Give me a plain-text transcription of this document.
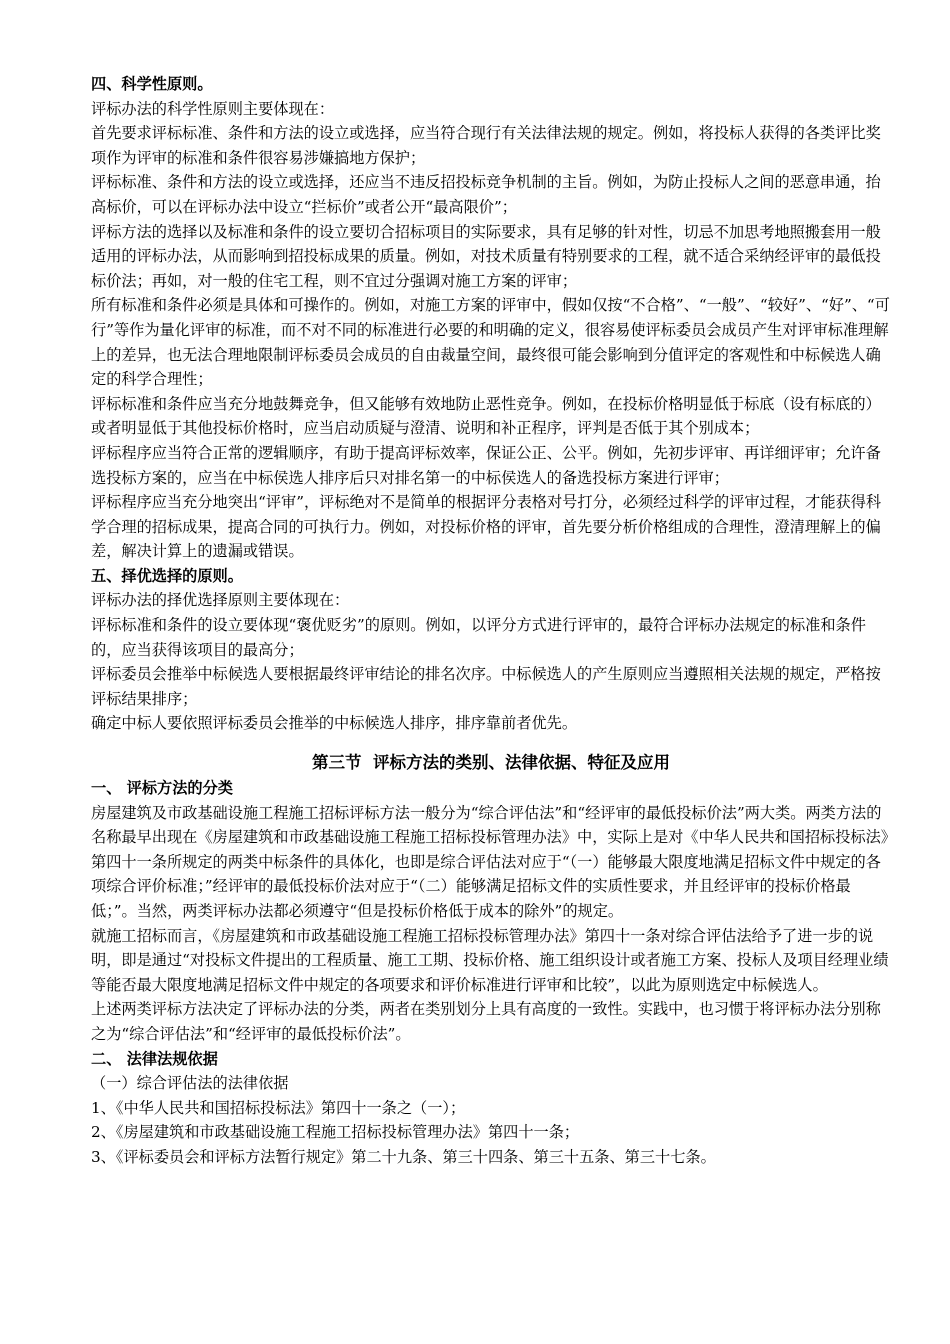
四、科学性原则。

评标办法的科学性原则主要体现在：

首先要求评标标准、条件和方法的设立或选择，应当符合现行有关法律法规的规定。例如，将投标人获得的各类评比奖项作为评审的标准和条件很容易涉嫌搞地方保护；

评标标准、条件和方法的设立或选择，还应当不违反招投标竞争机制的主旨。例如，为防止投标人之间的恶意串通，抬高标价，可以在评标办法中设立“拦标价”或者公开“最高限价”；

评标方法的选择以及标准和条件的设立要切合招标项目的实际要求，具有足够的针对性，切忌不加思考地照搬套用一般适用的评标办法，从而影响到招投标成果的质量。例如，对技术质量有特别要求的工程，就不适合采纳经评审的最低投标价法；再如，对一般的住宅工程，则不宜过分强调对施工方案的评审；

所有标准和条件必须是具体和可操作的。例如，对施工方案的评审中，假如仅按“不合格”、“一般”、“较好”、“好”、“可行”等作为量化评审的标准，而不对不同的标准进行必要的和明确的定义，很容易使评标委员会成员产生对评审标准理解上的差异，也无法合理地限制评标委员会成员的自由裁量空间，最终很可能会影响到分值评定的客观性和中标候选人确定的科学合理性；

评标标准和条件应当充分地鼓舞竞争，但又能够有效地防止恶性竞争。例如，在投标价格明显低于标底（设有标底的）或者明显低于其他投标价格时，应当启动质疑与澄清、说明和补正程序，评判是否低于其个别成本；

评标程序应当符合正常的逻辑顺序，有助于提高评标效率，保证公正、公平。例如，先初步评审、再详细评审；允许备选投标方案的，应当在中标侯选人排序后只对排名第一的中标侯选人的备选投标方案进行评审；

评标程序应当充分地突出“评审”，评标绝对不是简单的根据评分表格对号打分，必须经过科学的评审过程，才能获得科学合理的招标成果，提高合同的可执行力。例如，对投标价格的评审，首先要分析价格组成的合理性，澄清理解上的偏差，解决计算上的遗漏或错误。

五、择优选择的原则。

评标办法的择优选择原则主要体现在：

评标标准和条件的设立要体现“褒优贬劣”的原则。例如，以评分方式进行评审的，最符合评标办法规定的标准和条件的，应当获得该项目的最高分；

评标委员会推举中标候选人要根据最终评审结论的排名次序。中标候选人的产生原则应当遵照相关法规的规定，严格按评标结果排序；

确定中标人要依照评标委员会推举的中标候选人排序，排序靠前者优先。

第三节  评标方法的类别、法律依据、特征及应用

一、 评标方法的分类

房屋建筑及市政基础设施工程施工招标评标方法一般分为“综合评估法”和“经评审的最低投标价法”两大类。两类方法的名称最早出现在《房屋建筑和市政基础设施工程施工招标投标管理办法》中，实际上是对《中华人民共和国招标投标法》第四十一条所规定的两类中标条件的具体化，也即是综合评估法对应于“（一）能够最大限度地满足招标文件中规定的各项综合评价标准；”经评审的最低投标价法对应于“（二）能够满足招标文件的实质性要求，并且经评审的投标价格最低；”。当然，两类评标办法都必须遵守“但是投标价格低于成本的除外”的规定。

就施工招标而言，《房屋建筑和市政基础设施工程施工招标投标管理办法》第四十一条对综合评估法给予了进一步的说明，即是通过“对投标文件提出的工程质量、施工工期、投标价格、施工组织设计或者施工方案、投标人及项目经理业绩等能否最大限度地满足招标文件中规定的各项要求和评价标准进行评审和比较”，以此为原则选定中标候选人。

上述两类评标方法决定了评标办法的分类，两者在类别划分上具有高度的一致性。实践中，也习惯于将评标办法分别称之为“综合评估法”和“经评审的最低投标价法”。

二、 法律法规依据

（一）综合评估法的法律依据

1、《中华人民共和国招标投标法》第四十一条之（一）；

2、《房屋建筑和市政基础设施工程施工招标投标管理办法》第四十一条；

3、《评标委员会和评标方法暂行规定》第二十九条、第三十四条、第三十五条、第三十七条。
